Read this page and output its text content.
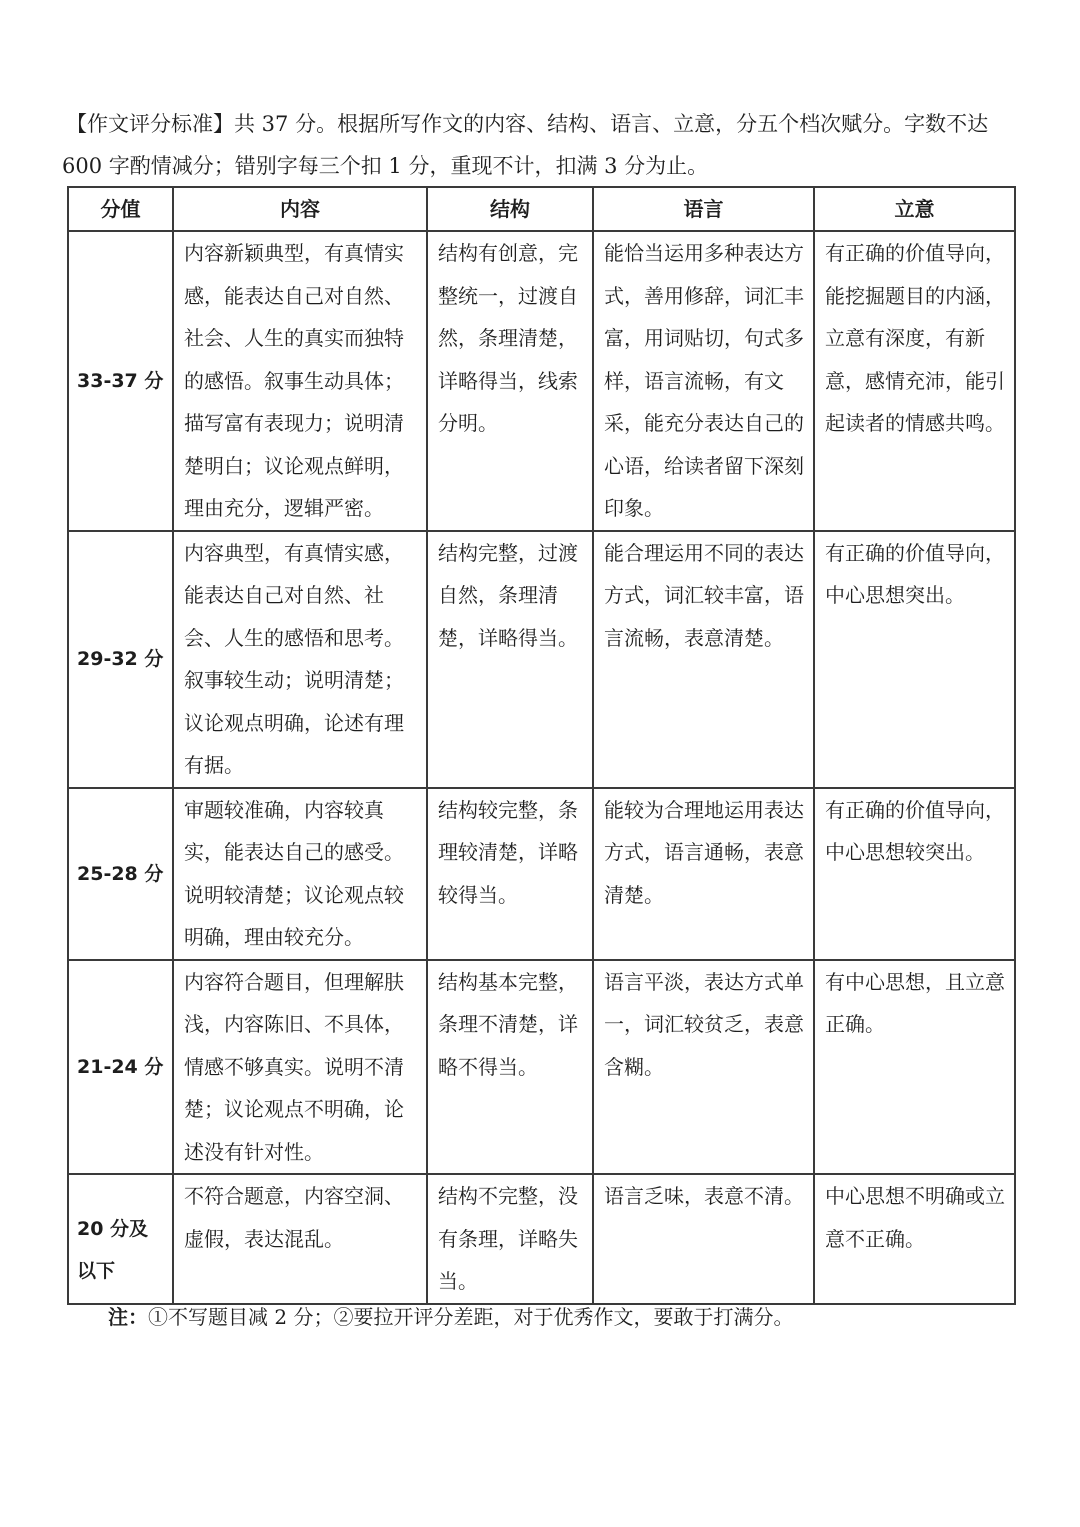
【作文评分标准】共 37 分。根据所写作文的内容、结构、语言、立意，分五个档次赋分。字数不达
600 字酌情减分；错别字每三个扣 1 分，重现不计，扣满 3 分为止。
分值	内容	结构	语言	立意
33-37 分	内容新颖典型，有真情实感，能表达自己对自然、社会、人生的真实而独特的感悟。叙事生动具体；描写富有表现力；说明清楚明白；议论观点鲜明，理由充分，逻辑严密。	结构有创意，完整统一，过渡自然，条理清楚，详略得当，线索分明。	能恰当运用多种表达方式，善用修辞，词汇丰富，用词贴切，句式多样，语言流畅，有文采，能充分表达自己的心语，给读者留下深刻印象。	有正确的价值导向，能挖掘题目的内涵，立意有深度，有新意，感情充沛，能引起读者的情感共鸣。
29-32 分	内容典型，有真情实感，能表达自己对自然、社会、人生的感悟和思考。叙事较生动；说明清楚；议论观点明确，论述有理有据。	结构完整，过渡自然，条理清楚，详略得当。	能合理运用不同的表达方式，词汇较丰富，语言流畅，表意清楚。	有正确的价值导向，中心思想突出。
25-28 分	审题较准确，内容较真实，能表达自己的感受。说明较清楚；议论观点较明确，理由较充分。	结构较完整，条理较清楚，详略较得当。	能较为合理地运用表达方式，语言通畅，表意清楚。	有正确的价值导向，中心思想较突出。
21-24 分	内容符合题目，但理解肤浅，内容陈旧、不具体，情感不够真实。说明不清楚；议论观点不明确，论述没有针对性。	结构基本完整，条理不清楚，详略不得当。	语言平淡，表达方式单一，词汇较贫乏，表意含糊。	有中心思想，且立意正确。
20 分及以下	不符合题意，内容空洞、虚假，表达混乱。	结构不完整，没有条理，详略失当。	语言乏味，表意不清。	中心思想不明确或立意不正确。
注：①不写题目减 2 分；②要拉开评分差距，对于优秀作文，要敢于打满分。
